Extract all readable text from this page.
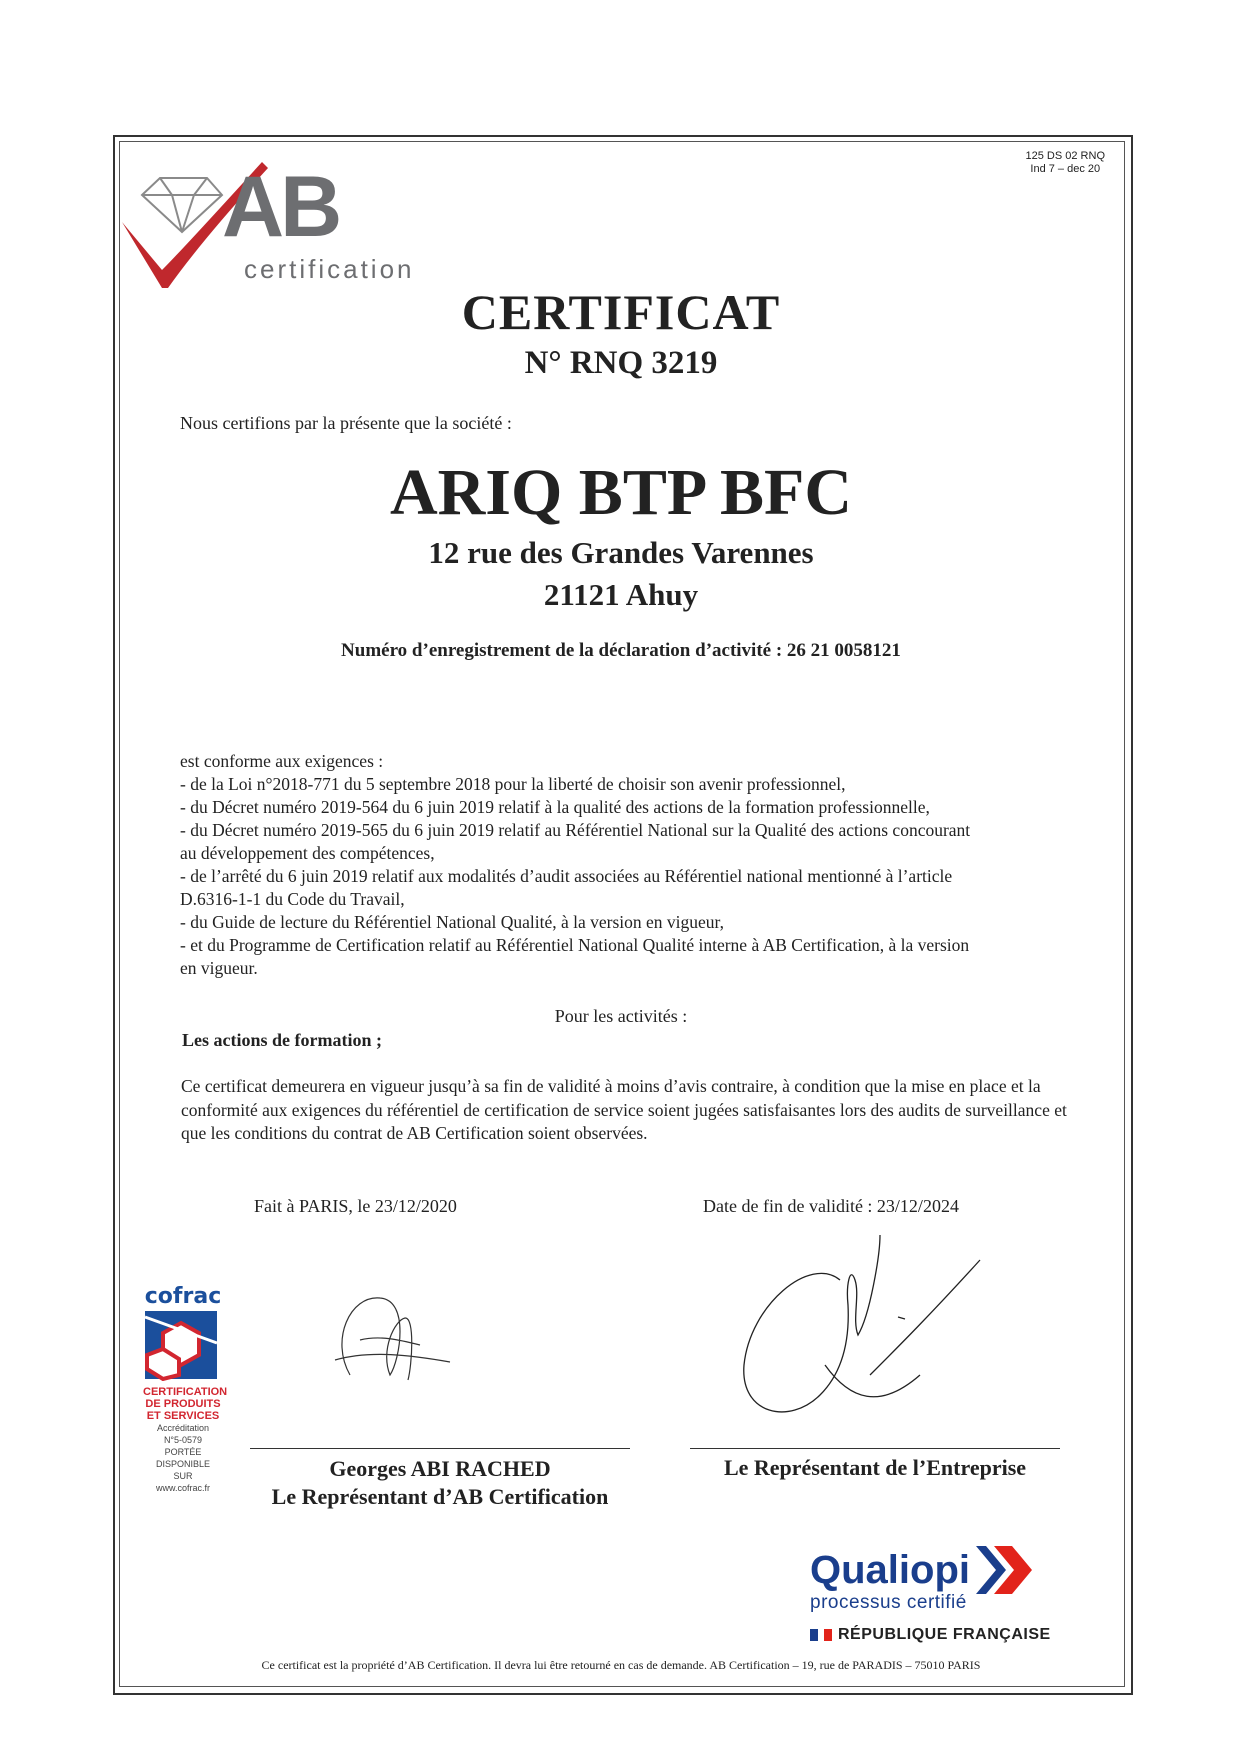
125 DS 02 RNQ
Ind 7 – dec 20
AB
certification
CERTIFICAT
N° RNQ 3219
Nous certifions par la présente que la société :
ARIQ BTP BFC
12 rue des Grandes Varennes
21121 Ahuy
Numéro d’enregistrement de la déclaration d’activité : 26 21 0058121
est conforme aux exigences :
- de la Loi n°2018-771 du 5 septembre 2018 pour la liberté de choisir son avenir professionnel,
- du Décret numéro 2019-564 du 6 juin 2019 relatif à la qualité des actions de la formation professionnelle,
- du Décret numéro 2019-565 du 6 juin 2019 relatif au Référentiel National sur la Qualité des actions concourant
au développement des compétences,
- de l’arrêté du 6 juin 2019 relatif aux modalités d’audit associées au Référentiel national mentionné à l’article
D.6316-1-1 du Code du Travail,
- du Guide de lecture du Référentiel National Qualité, à la version en vigueur,
- et du Programme de Certification relatif au Référentiel National Qualité interne à AB Certification, à la version
en vigueur.
Pour les activités :
Les actions de formation ;
Ce certificat demeurera en vigueur jusqu’à sa fin de validité à moins d’avis contraire, à condition que la mise en place et la conformité aux exigences du référentiel de certification de service soient jugées satisfaisantes lors des audits de surveillance et que les conditions du contrat de AB Certification soient observées.
Fait à PARIS, le 23/12/2020	Date de fin de validité : 23/12/2024
cofrac
CERTIFICATION
DE PRODUITS
ET SERVICES
Accréditation
N°5-0579
PORTÉE
DISPONIBLE
SUR
www.cofrac.fr
Georges ABI RACHED
Le Représentant d’AB Certification
Le Représentant de l’Entreprise
Qualiopi
processus certifié
RÉPUBLIQUE FRANÇAISE
Ce certificat est la propriété d’AB Certification. Il devra lui être retourné en cas de demande. AB Certification – 19, rue de PARADIS – 75010 PARIS
